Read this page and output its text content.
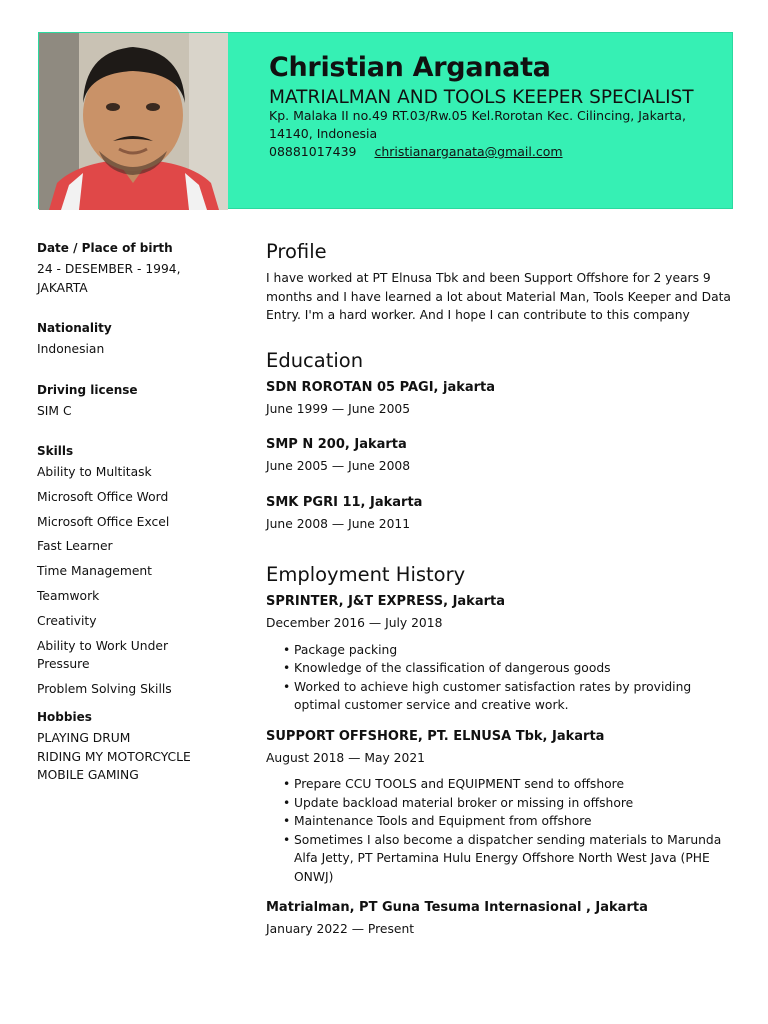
Christian Arganata
MATRIALMAN AND TOOLS KEEPER SPECIALIST
Kp. Malaka II no.49 RT.03/Rw.05 Kel.Rorotan Kec. Cilincing, Jakarta, 14140, Indonesia
08881017439 christianarganata@gmail.com
Date / Place of birth
24 - DESEMBER - 1994,
JAKARTA
Nationality
Indonesian
Driving license
SIM C
Skills
Ability to Multitask
Microsoft Office Word
Microsoft Office Excel
Fast Learner
Time Management
Teamwork
Creativity
Ability to Work Under Pressure
Problem Solving Skills
Hobbies
PLAYING DRUM
RIDING MY MOTORCYCLE
MOBILE GAMING
Profile

I have worked at PT Elnusa Tbk and been Support Offshore for 2 years 9 months and I have learned a lot about Material Man, Tools Keeper and Data Entry. I'm a hard worker. And I hope I can contribute to this company

Education
SDN ROROTAN 05 PAGI, jakarta
June 1999 — June 2005
SMP N 200, Jakarta
June 2005 — June 2008
SMK PGRI 11, Jakarta
June 2008 — June 2011
Employment History
SPRINTER, J&T EXPRESS, Jakarta
December 2016 — July 2018
• Package packing
• Knowledge of the classification of dangerous goods
• Worked to achieve high customer satisfaction rates by providing optimal customer service and creative work.
SUPPORT OFFSHORE, PT. ELNUSA Tbk, Jakarta
August 2018 — May 2021
• Prepare CCU TOOLS and EQUIPMENT send to offshore
• Update backload material broker or missing in offshore
• Maintenance Tools and Equipment from offshore
• Sometimes I also become a dispatcher sending materials to Marunda Alfa Jetty, PT Pertamina Hulu Energy Offshore North West Java (PHE ONWJ)
Matrialman, PT Guna Tesuma Internasional , Jakarta
January 2022 — Present
